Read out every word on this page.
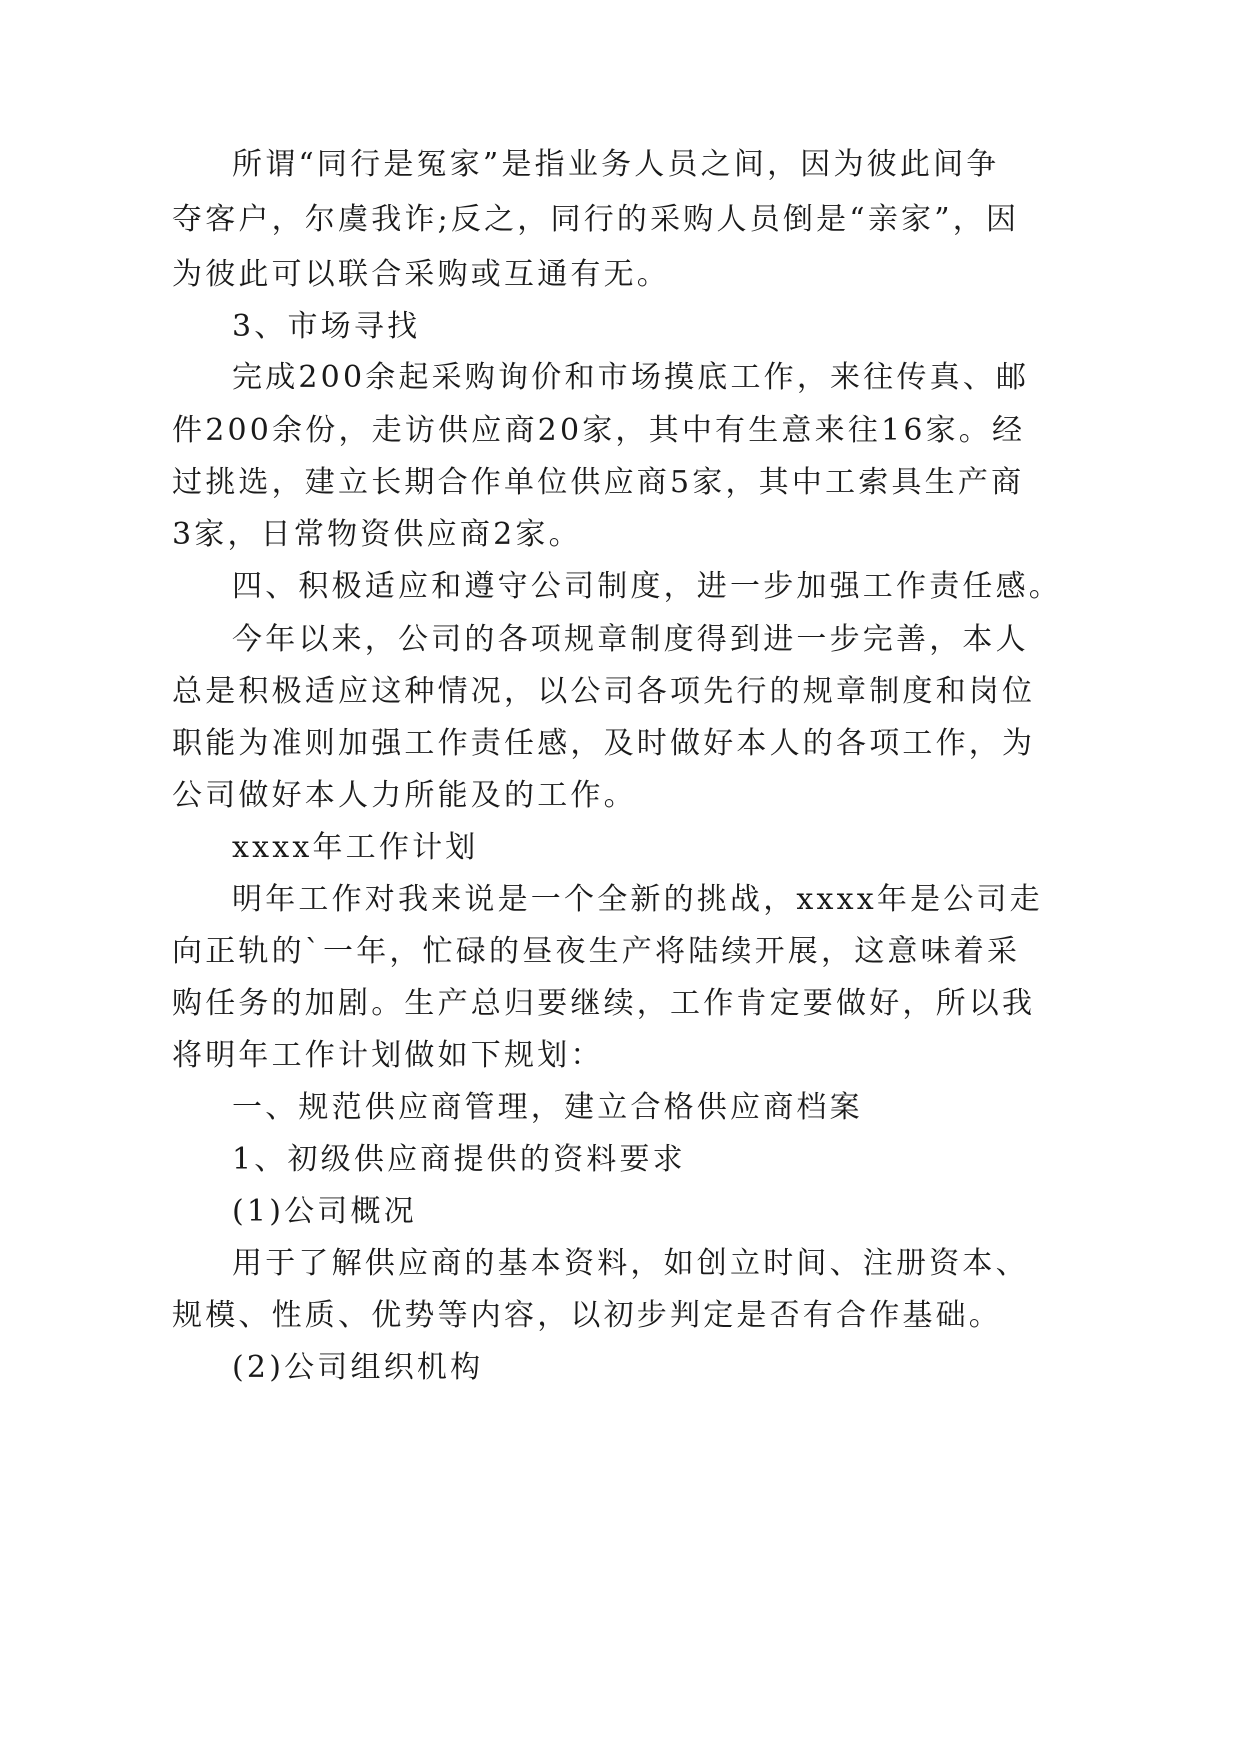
所谓“同行是冤家”是指业务人员之间，因为彼此间争
夺客户，尔虞我诈;反之，同行的采购人员倒是“亲家”，因
为彼此可以联合采购或互通有无。
3、市场寻找
完成200余起采购询价和市场摸底工作，来往传真、邮
件200余份，走访供应商20家，其中有生意来往16家。经
过挑选，建立长期合作单位供应商5家，其中工索具生产商
3家，日常物资供应商2家。
四、积极适应和遵守公司制度，进一步加强工作责任感。
今年以来，公司的各项规章制度得到进一步完善，本人
总是积极适应这种情况，以公司各项先行的规章制度和岗位
职能为准则加强工作责任感，及时做好本人的各项工作，为
公司做好本人力所能及的工作。
xxxx年工作计划
明年工作对我来说是一个全新的挑战，xxxx年是公司走
向正轨的`一年，忙碌的昼夜生产将陆续开展，这意味着采
购任务的加剧。生产总归要继续，工作肯定要做好，所以我
将明年工作计划做如下规划：
一、规范供应商管理，建立合格供应商档案
1、初级供应商提供的资料要求
(1)公司概况
用于了解供应商的基本资料，如创立时间、注册资本、
规模、性质、优势等内容，以初步判定是否有合作基础。
(2)公司组织机构
